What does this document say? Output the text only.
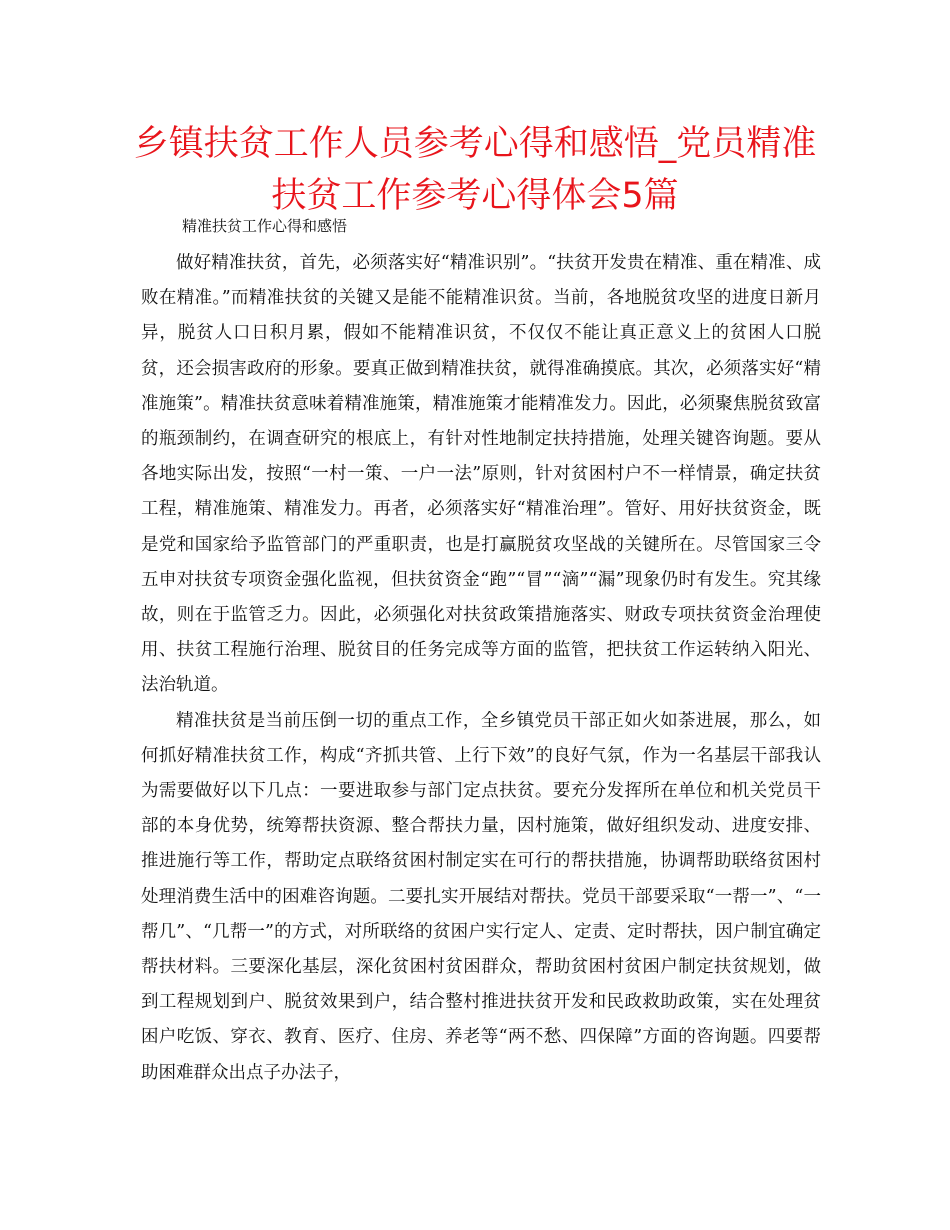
乡镇扶贫工作人员参考心得和感悟_党员精准扶贫工作参考心得体会5篇

精准扶贫工作心得和感悟

做好精准扶贫，首先，必须落实好“精准识别”。“扶贫开发贵在精准、重在精准、成败在精准。”而精准扶贫的关键又是能不能精准识贫。当前，各地脱贫攻坚的进度日新月异，脱贫人口日积月累，假如不能精准识贫，不仅仅不能让真正意义上的贫困人口脱贫，还会损害政府的形象。要真正做到精准扶贫，就得准确摸底。其次，必须落实好“精准施策”。精准扶贫意味着精准施策，精准施策才能精准发力。因此，必须聚焦脱贫致富的瓶颈制约，在调查研究的根底上，有针对性地制定扶持措施，处理关键咨询题。要从各地实际出发，按照“一村一策、一户一法”原则，针对贫困村户不一样情景，确定扶贫工程，精准施策、精准发力。再者，必须落实好“精准治理”。管好、用好扶贫资金，既是党和国家给予监管部门的严重职责，也是打赢脱贫攻坚战的关键所在。尽管国家三令五申对扶贫专项资金强化监视，但扶贫资金“跑”“冒”“滴”“漏”现象仍时有发生。究其缘故，则在于监管乏力。因此，必须强化对扶贫政策措施落实、财政专项扶贫资金治理使用、扶贫工程施行治理、脱贫目的任务完成等方面的监管，把扶贫工作运转纳入阳光、法治轨道。

精准扶贫是当前压倒一切的重点工作，全乡镇党员干部正如火如荼进展，那么，如何抓好精准扶贫工作，构成“齐抓共管、上行下效”的良好气氛，作为一名基层干部我认为需要做好以下几点：一要进取参与部门定点扶贫。要充分发挥所在单位和机关党员干部的本身优势，统筹帮扶资源、整合帮扶力量，因村施策，做好组织发动、进度安排、推进施行等工作，帮助定点联络贫困村制定实在可行的帮扶措施，协调帮助联络贫困村处理消费生活中的困难咨询题。二要扎实开展结对帮扶。党员干部要采取“一帮一”、“一帮几”、“几帮一”的方式，对所联络的贫困户实行定人、定责、定时帮扶，因户制宜确定帮扶材料。三要深化基层，深化贫困村贫困群众，帮助贫困村贫困户制定扶贫规划，做到工程规划到户、脱贫效果到户，结合整村推进扶贫开发和民政救助政策，实在处理贫困户吃饭、穿衣、教育、医疗、住房、养老等“两不愁、四保障”方面的咨询题。四要帮助困难群众出点子办法子，
